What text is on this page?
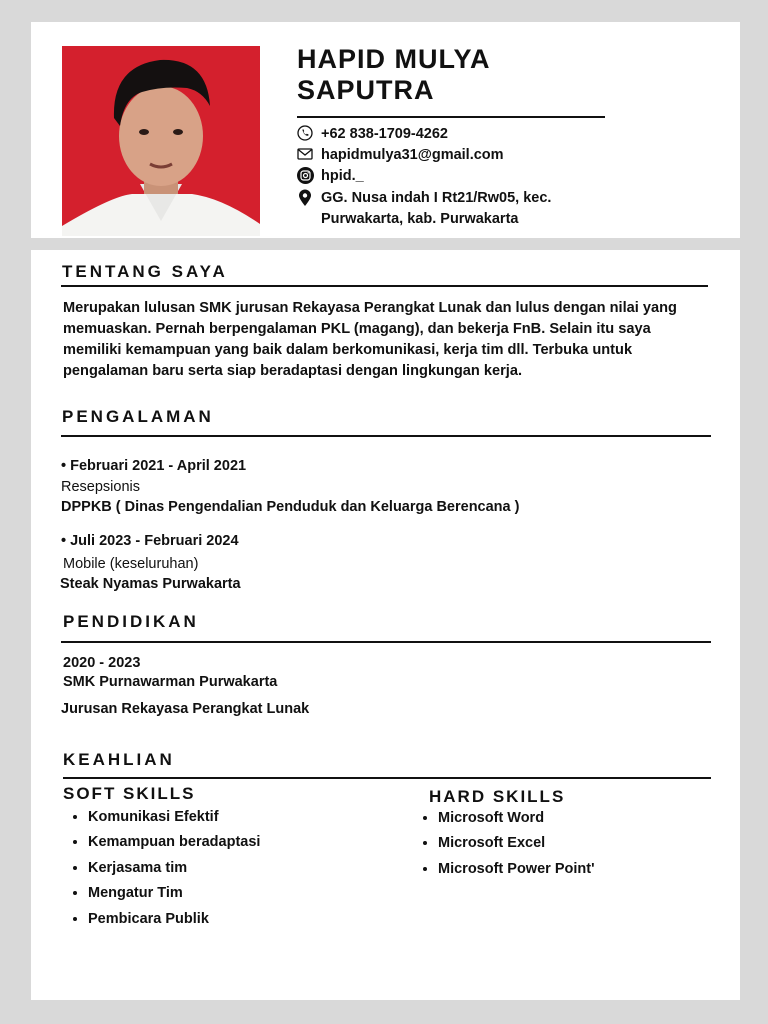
HAPID MULYA
SAPUTRA
+62 838-1709-4262
hapidmulya31@gmail.com
hpid._
GG. Nusa indah I Rt21/Rw05, kec.
Purwakarta, kab. Purwakarta
TENTANG SAYA

Merupakan lulusan SMK jurusan Rekayasa Perangkat Lunak dan lulus dengan nilai yang memuaskan. Pernah berpengalaman PKL (magang), dan bekerja FnB. Selain itu saya memiliki kemampuan yang baik dalam berkomunikasi, kerja tim dll. Terbuka untuk pengalaman baru serta siap beradaptasi dengan lingkungan kerja.

PENGALAMAN
• Februari 2021 - April 2021
Resepsionis
DPPKB ( Dinas Pengendalian Penduduk dan Keluarga Berencana )
• Juli 2023 - Februari 2024
Mobile (keseluruhan)
Steak Nyamas Purwakarta
PENDIDIKAN
2020 - 2023
SMK Purnawarman Purwakarta
Jurusan Rekayasa Perangkat Lunak
KEAHLIAN
SOFT SKILLS
Komunikasi Efektif
Kemampuan beradaptasi
Kerjasama tim
Mengatur Tim
Pembicara Publik
HARD SKILLS
Microsoft Word
Microsoft Excel
Microsoft Power Point'
